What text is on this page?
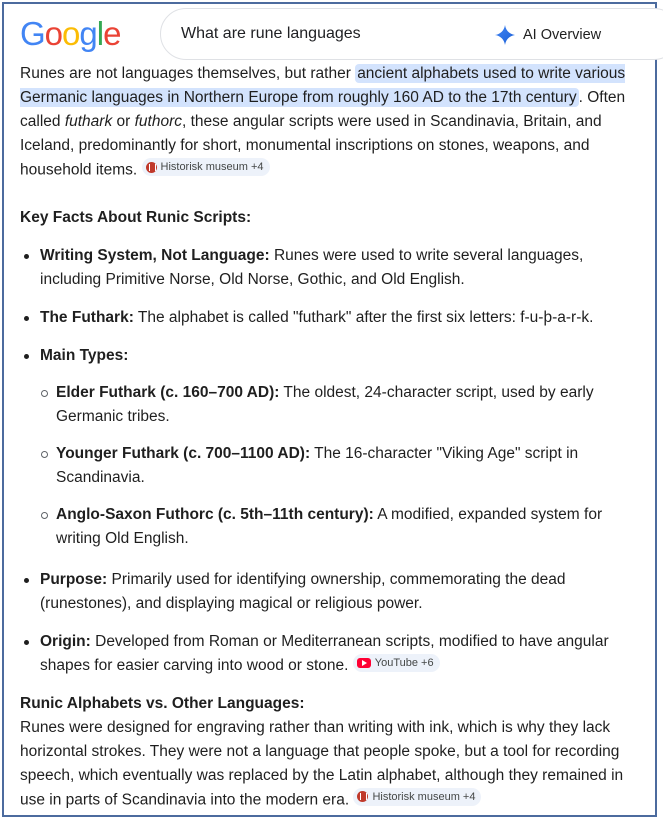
Google	What are rune languages	AI Overview

Runes are not languages themselves, but rather ancient alphabets used to write various Germanic languages in Northern Europe from roughly 160 AD to the 17th century . Often called futhark or futhorc, these angular scripts were used in Scandinavia, Britain, and Iceland, predominantly for short, monumental inscriptions on stones, weapons, and household items. Historisk museum +4

Key Facts About Runic Scripts:
Writing System, Not Language: Runes were used to write several languages, including Primitive Norse, Old Norse, Gothic, and Old English.
The Futhark: The alphabet is called "futhark" after the first six letters: f-u-þ-a-r-k.
Main Types:
Elder Futhark (c. 160–700 AD): The oldest, 24-character script, used by early Germanic tribes.
Younger Futhark (c. 700–1100 AD): The 16-character "Viking Age" script in Scandinavia.
Anglo-Saxon Futhorc (c. 5th–11th century): A modified, expanded system for writing Old English.
Purpose: Primarily used for identifying ownership, commemorating the dead (runestones), and displaying magical or religious power.
Origin: Developed from Roman or Mediterranean scripts, modified to have angular shapes for easier carving into wood or stone. YouTube +6
Runic Alphabets vs. Other Languages:

Runes were designed for engraving rather than writing with ink, which is why they lack horizontal strokes. They were not a language that people spoke, but a tool for recording speech, which eventually was replaced by the Latin alphabet, although they remained in use in parts of Scandinavia into the modern era. Historisk museum +4
